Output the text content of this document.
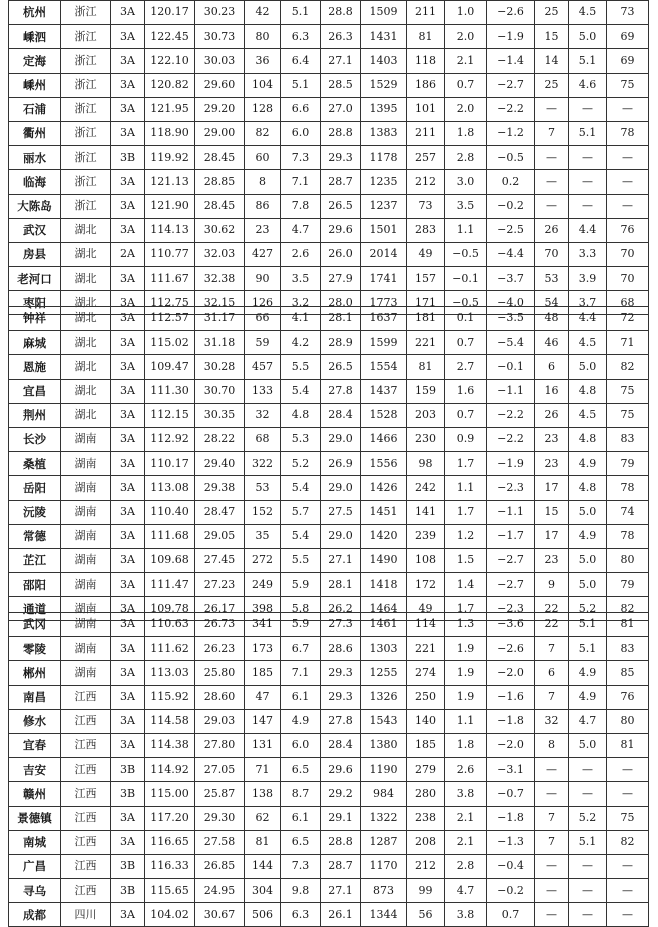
杭州	浙江	3A	120.17	30.23	42	5.1	28.8	1509	211	1.0	−2.6	25	4.5	73
嵊泗	浙江	3A	122.45	30.73	80	6.3	26.3	1431	81	2.0	−1.9	15	5.0	69
定海	浙江	3A	122.10	30.03	36	6.4	27.1	1403	118	2.1	−1.4	14	5.1	69
嵊州	浙江	3A	120.82	29.60	104	5.1	28.5	1529	186	0.7	−2.7	25	4.6	75
石浦	浙江	3A	121.95	29.20	128	6.6	27.0	1395	101	2.0	−2.2	—	—	—
衢州	浙江	3A	118.90	29.00	82	6.0	28.8	1383	211	1.8	−1.2	7	5.1	78
丽水	浙江	3B	119.92	28.45	60	7.3	29.3	1178	257	2.8	−0.5	—	—	—
临海	浙江	3A	121.13	28.85	8	7.1	28.7	1235	212	3.0	0.2	—	—	—
大陈岛	浙江	3A	121.90	28.45	86	7.8	26.5	1237	73	3.5	−0.2	—	—	—
武汉	湖北	3A	114.13	30.62	23	4.7	29.6	1501	283	1.1	−2.5	26	4.4	76
房县	湖北	2A	110.77	32.03	427	2.6	26.0	2014	49	−0.5	−4.4	70	3.3	70
老河口	湖北	3A	111.67	32.38	90	3.5	27.9	1741	157	−0.1	−3.7	53	3.9	70
枣阳	湖北	3A	112.75	32.15	126	3.2	28.0	1773	171	−0.5	−4.0	54	3.7	68
钟祥	湖北	3A	112.57	31.17	66	4.1	28.1	1637	181	0.1	−3.5	48	4.4	72
麻城	湖北	3A	115.02	31.18	59	4.2	28.9	1599	221	0.7	−5.4	46	4.5	71
恩施	湖北	3A	109.47	30.28	457	5.5	26.5	1554	81	2.7	−0.1	6	5.0	82
宜昌	湖北	3A	111.30	30.70	133	5.4	27.8	1437	159	1.6	−1.1	16	4.8	75
荆州	湖北	3A	112.15	30.35	32	4.8	28.4	1528	203	0.7	−2.2	26	4.5	75
长沙	湖南	3A	112.92	28.22	68	5.3	29.0	1466	230	0.9	−2.2	23	4.8	83
桑植	湖南	3A	110.17	29.40	322	5.2	26.9	1556	98	1.7	−1.9	23	4.9	79
岳阳	湖南	3A	113.08	29.38	53	5.4	29.0	1426	242	1.1	−2.3	17	4.8	78
沅陵	湖南	3A	110.40	28.47	152	5.7	27.5	1451	141	1.7	−1.1	15	5.0	74
常德	湖南	3A	111.68	29.05	35	5.4	29.0	1420	239	1.2	−1.7	17	4.9	78
芷江	湖南	3A	109.68	27.45	272	5.5	27.1	1490	108	1.5	−2.7	23	5.0	80
邵阳	湖南	3A	111.47	27.23	249	5.9	28.1	1418	172	1.4	−2.7	9	5.0	79
通道	湖南	3A	109.78	26.17	398	5.8	26.2	1464	49	1.7	−2.3	22	5.2	82
武冈	湖南	3A	110.63	26.73	341	5.9	27.3	1461	114	1.3	−3.6	22	5.1	81
零陵	湖南	3A	111.62	26.23	173	6.7	28.6	1303	221	1.9	−2.6	7	5.1	83
郴州	湖南	3A	113.03	25.80	185	7.1	29.3	1255	274	1.9	−2.0	6	4.9	85
南昌	江西	3A	115.92	28.60	47	6.1	29.3	1326	250	1.9	−1.6	7	4.9	76
修水	江西	3A	114.58	29.03	147	4.9	27.8	1543	140	1.1	−1.8	32	4.7	80
宜春	江西	3A	114.38	27.80	131	6.0	28.4	1380	185	1.8	−2.0	8	5.0	81
吉安	江西	3B	114.92	27.05	71	6.5	29.6	1190	279	2.6	−3.1	—	—	—
赣州	江西	3B	115.00	25.87	138	8.7	29.2	984	280	3.8	−0.7	—	—	—
景德镇	江西	3A	117.20	29.30	62	6.1	29.1	1322	238	2.1	−1.8	7	5.2	75
南城	江西	3A	116.65	27.58	81	6.5	28.8	1287	208	2.1	−1.3	7	5.1	82
广昌	江西	3B	116.33	26.85	144	7.3	28.7	1170	212	2.8	−0.4	—	—	—
寻乌	江西	3B	115.65	24.95	304	9.8	27.1	873	99	4.7	−0.2	—	—	—
成都	四川	3A	104.02	30.67	506	6.3	26.1	1344	56	3.8	0.7	—	—	—
